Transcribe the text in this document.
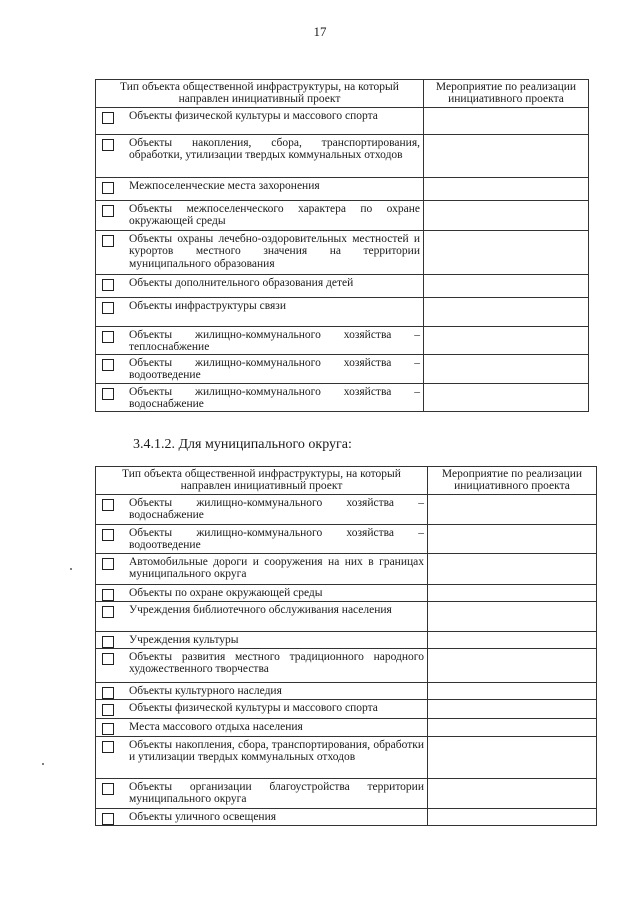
17
Тип объекта общественной инфраструктуры, на который направлен инициативный проект	Мероприятие по реализации инициативного проекта

Объекты физической культуры и массового спорта	

Объекты накопления, сбора, транспортирования, обработки, утилизации твердых коммунальных отходов	

Межпоселенческие места захоронения	

Объекты межпоселенческого характера по охране окружающей среды	

Объекты охраны лечебно-оздоровительных местностей и курортов местного значения на территории муниципального образования	

Объекты дополнительного образования детей	

Объекты инфраструктуры связи	

Объекты жилищно-коммунального хозяйства – теплоснабжение	

Объекты жилищно-коммунального хозяйства – водоотведение	

Объекты жилищно-коммунального хозяйства – водоснабжение	

3.4.1.2. Для муниципального округа:
Тип объекта общественной инфраструктуры, на который направлен инициативный проект	Мероприятие по реализации инициативного проекта

Объекты жилищно-коммунального хозяйства – водоснабжение	

Объекты жилищно-коммунального хозяйства – водоотведение	

Автомобильные дороги и сооружения на них в границах муниципального округа	

Объекты по охране окружающей среды	

Учреждения библиотечного обслуживания населения	

Учреждения культуры	

Объекты развития местного традиционного народного художественного творчества	

Объекты культурного наследия	

Объекты физической культуры и массового спорта	

Места массового отдыха населения	

Объекты накопления, сбора, транспортирования, обработки и утилизации твердых коммунальных отходов	

Объекты организации благоустройства территории муниципального округа	

Объекты уличного освещения	
